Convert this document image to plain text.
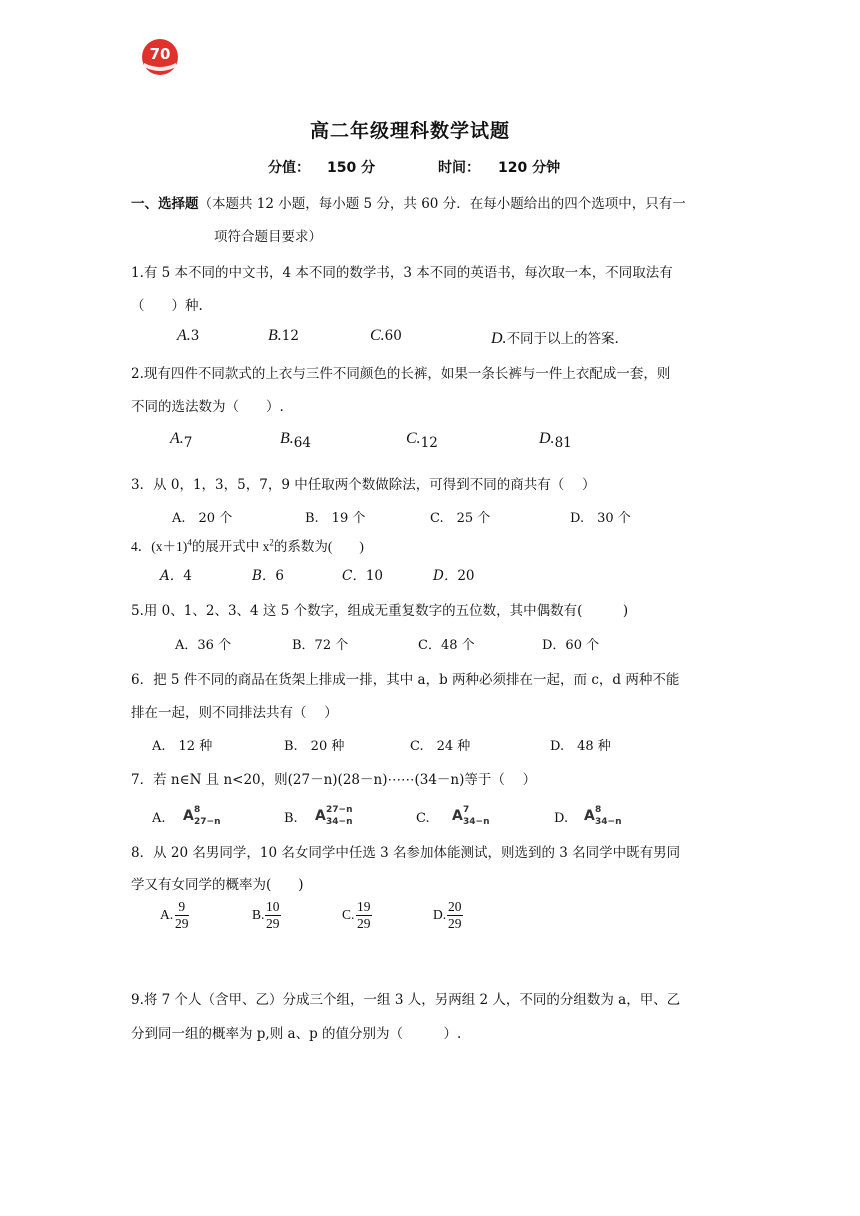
70
高二年级理科数学试题
分值： 150 分	时间： 120 分钟
一、选择题（本题共 12 小题，每小题 5 分，共 60 分．在每小题给出的四个选项中，只有一
项符合题目要求）
1.有 5 本不同的中文书，4 本不同的数学书，3 本不同的英语书，每次取一本，不同取法有
（　　）种.
A.3	B.12	C.60	D.不同于以上的答案.
2.现有四件不同款式的上衣与三件不同颜色的长裤，如果一条长裤与一件上衣配成一套，则
不同的选法数为（　　）.
A.7	B.64	C.12	D.81
3．从 0，1，3，5，7，9 中任取两个数做除法，可得到不同的商共有（　 ）
A.　20 个	B.　19 个	C.　25 个	D.　30 个
4．$(x+1)^4$的展开式中 $x^2$的系数为(　　)
A．4	B．6	C．10	D．20
5.用 0、1、2、3、4 这 5 个数字，组成无重复数字的五位数，其中偶数有(　　　)
A．36 个	B．72 个	C．48 个	D．60 个
6．把 5 件不同的商品在货架上排成一排，其中 a，b 两种必须排在一起，而 c，d 两种不能
排在一起，则不同排法共有（　 ）
A.　12 种	B.　20 种	C.　24 种	D.　48 种
7．若 n∈N 且 n<20，则(27－n)(28－n)⋯⋯(34－n)等于（　 ）
A. A 8
27−n	B. A 27−n
34−n	C. A 7
34−n	D. A 8
34−n
8．从 20 名男同学，10 名女同学中任选 3 名参加体能测试，则选到的 3 名同学中既有男同
学又有女同学的概率为(　　)
A. $\frac{9}{29}$	B. $\frac{10}{29}$	C. $\frac{19}{29}$	D. $\frac{20}{29}$
9.将 7 个人（含甲、乙）分成三个组，一组 3 人，另两组 2 人，不同的分组数为 a，甲、乙
分到同一组的概率为 p,则 a、p 的值分别为（　　　）.
